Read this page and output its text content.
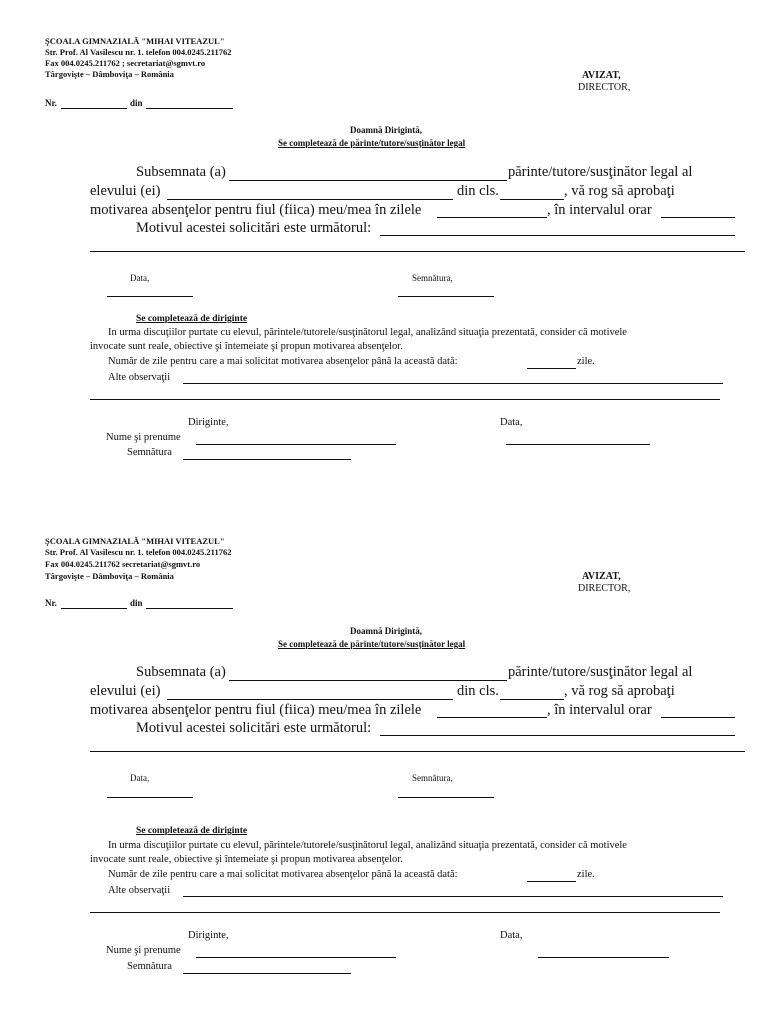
ŞCOALA GIMNAZIALĂ "MIHAI VITEAZUL"
Str. Prof. Al Vasilescu nr. 1. telefon 004.0245.211762
Fax 004.0245.211762 ; secretariat@sgmvt.ro
Târgovişte – Dâmboviţa – România	AVIZAT,
DIRECTOR,
Nr.	din
Doamnă Dirigintă,
Se completează de părinte/tutore/susţinător legal
Subsemnata (a)	părinte/tutore/susţinător legal al
elevului (ei)	din cls.	, vă rog să aprobaţi
motivarea absenţelor pentru fiul (fiica) meu/mea în zilele	, în intervalul orar
Motivul acestei solicitări este următorul:
Data,	Semnătura,
Se completează de diriginte
In urma discuţiilor purtate cu elevul, părintele/tutorele/susţinătorul legal, analizând situaţia prezentată, consider că motivele
invocate sunt reale, obiective şi întemeiate şi propun motivarea absenţelor.
Număr de zile pentru care a mai solicitat motivarea absenţelor până la această dată:	zile.
Alte observaţii
Diriginte,	Data,
Nume şi prenume
Semnătura
ŞCOALA GIMNAZIALĂ "MIHAI VITEAZUL"
Str. Prof. Al Vasilescu nr. 1. telefon 004.0245.211762
Fax 004.0245.211762 secretariat@sgmvt.ro
Târgovişte – Dâmboviţa – România	AVIZAT,
DIRECTOR,
Nr.	din
Doamnă Dirigintă,
Se completează de părinte/tutore/susţinător legal
Subsemnata (a)	părinte/tutore/susţinător legal al
elevului (ei)	din cls.	, vă rog să aprobaţi
motivarea absenţelor pentru fiul (fiica) meu/mea în zilele	, în intervalul orar
Motivul acestei solicitări este următorul:
Data,	Semnătura,
Se completează de diriginte
In urma discuţiilor purtate cu elevul, părintele/tutorele/susţinătorul legal, analizând situaţia prezentată, consider că motivele
invocate sunt reale, obiective şi întemeiate şi propun motivarea absenţelor.
Număr de zile pentru care a mai solicitat motivarea absenţelor până la această dată:	zile.
Alte observaţii
Diriginte,	Data,
Nume şi prenume
Semnătura
